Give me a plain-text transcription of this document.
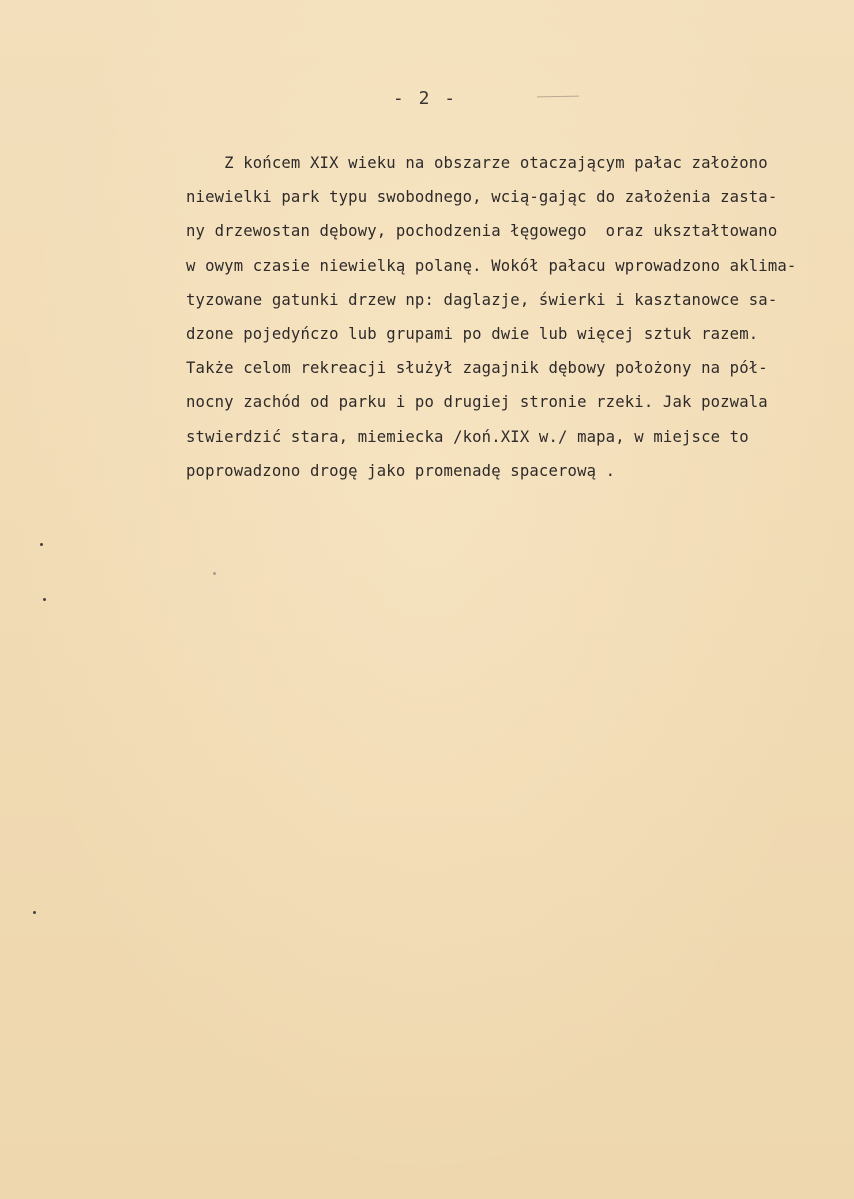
- 2 -
Z końcem XIX wieku na obszarze otaczającym pałac założono
niewielki park typu swobodnego, wcią-gając do założenia zasta-
ny drzewostan dębowy, pochodzenia łęgowego  oraz ukształtowano
w owym czasie niewielką polanę. Wokół pałacu wprowadzono aklima-
tyzowane gatunki drzew np: daglazje, świerki i kasztanowce sa-
dzone pojedyńczo lub grupami po dwie lub więcej sztuk razem.
Także celom rekreacji służył zagajnik dębowy położony na pół-
nocny zachód od parku i po drugiej stronie rzeki. Jak pozwala
stwierdzić stara, miemiecka /koń.XIX w./ mapa, w miejsce to
poprowadzono drogę jako promenadę spacerową .
